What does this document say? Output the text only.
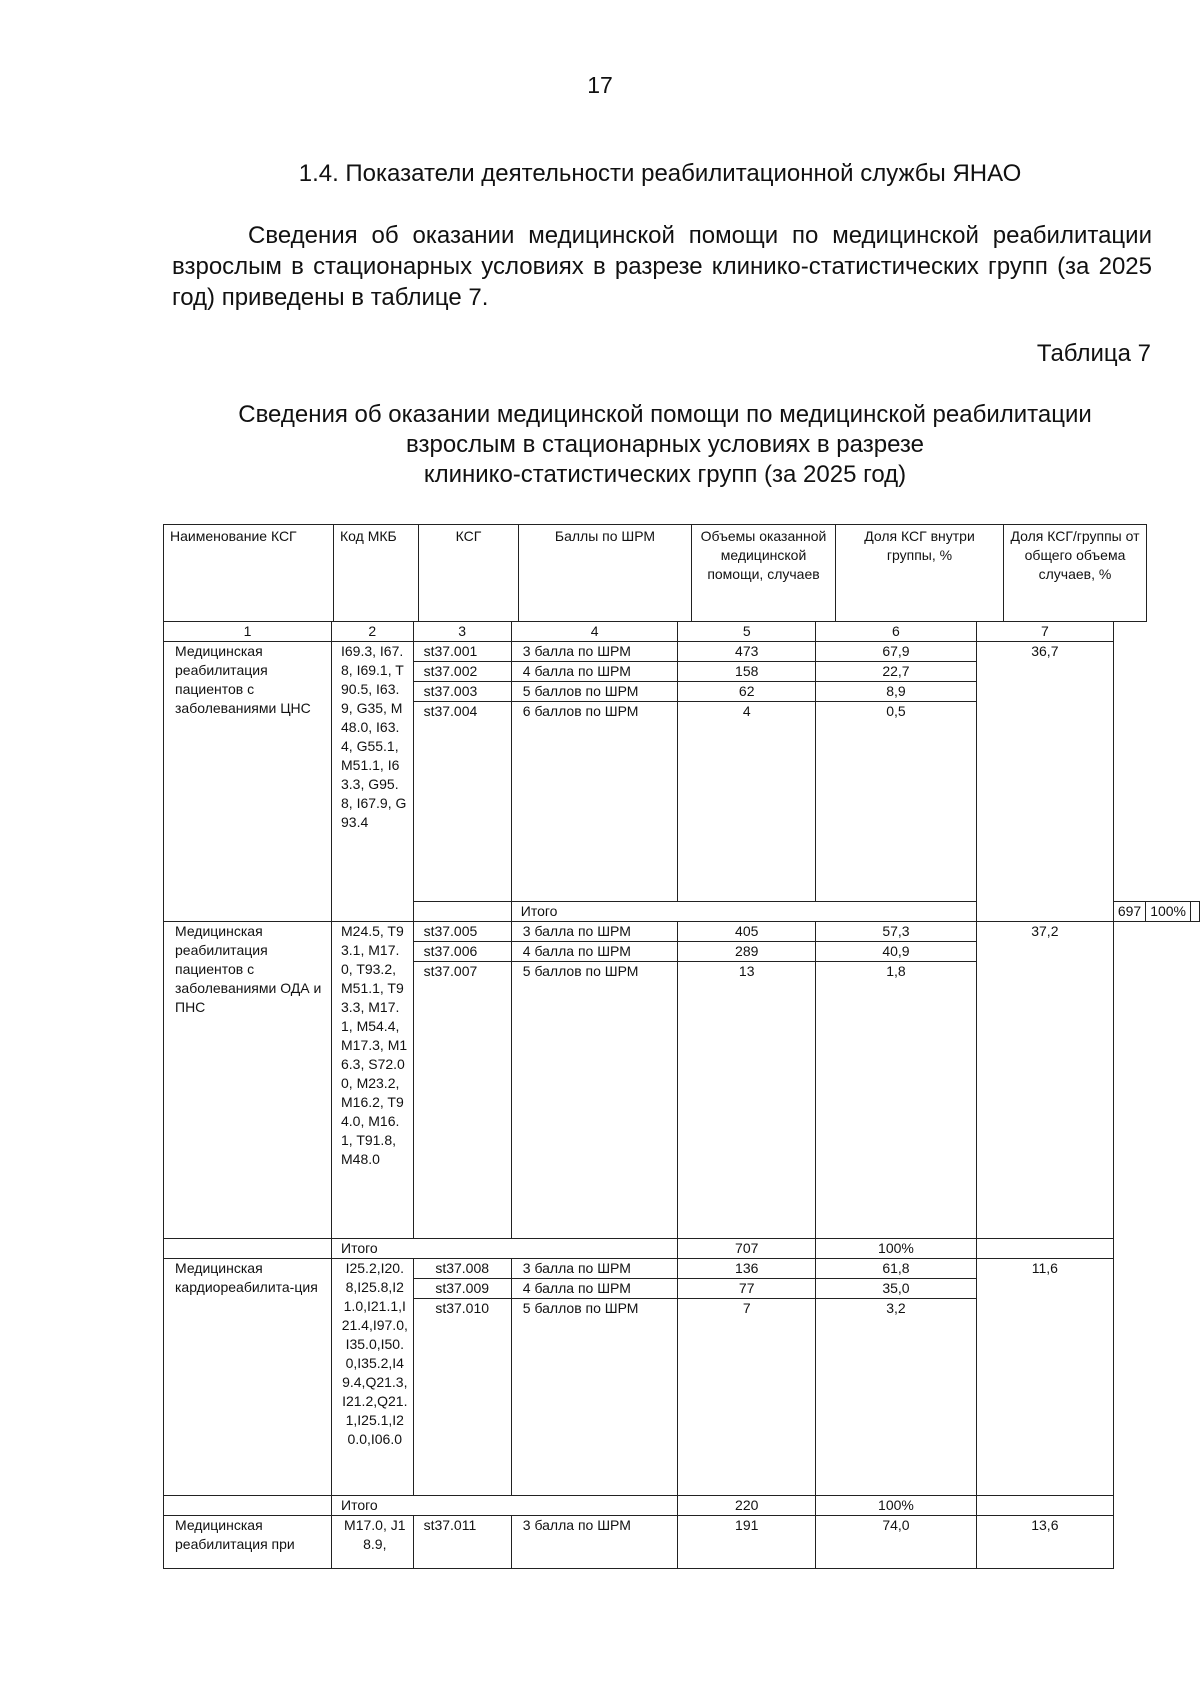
17
1.4. Показатели деятельности реабилитационной службы ЯНАО

Сведения об оказании медицинской помощи по медицинской реабилитации взрослым в стационарных условиях в разрезе клинико-статистических групп (за 2025 год) приведены в таблице 7.

Таблица 7
Сведения об оказании медицинской помощи по медицинской реабилитации
взрослым в стационарных условиях в разрезе
клинико-статистических групп (за 2025 год)
Наименование КСГ	Код МКБ	КСГ	Баллы по ШРМ	Объемы оказанной медицинской помощи, случаев	Доля КСГ внутри группы, %	Доля КСГ/группы от общего объема случаев, %
1	2	3	4	5	6	7			
Медицинская реабилитация пациентов с заболеваниями ЦНС	I69.3, I67.8, I69.1, T90.5, I63.9, G35, M48.0, I63.4, G55.1, M51.1, I63.3, G95.8, I67.9, G93.4	st37.001	3 балла по ШРМ	473	67,9	36,7			
		st37.002	4 балла по ШРМ	158	22,7				
		st37.003	5 баллов по ШРМ	62	8,9				
		st37.004	6 баллов по ШРМ	4	0,5				
			Итого				697	100%	
Медицинская реабилитация пациентов с заболеваниями ОДА и ПНС	M24.5, T93.1, M17.0, T93.2, M51.1, T93.3, M17.1, M54.4, M17.3, M16.3, S72.00, M23.2, M16.2, T94.0, M16.1, T91.8, M48.0	st37.005	3 балла по ШРМ	405	57,3	37,2			
		st37.006	4 балла по ШРМ	289	40,9				
		st37.007	5 баллов по ШРМ	13	1,8				
	Итого			707	100%				
Медицинская кардиореабилита-ция	I25.2,I20.8,I25.8,I21.0,I21.1,I21.4,I97.0,I35.0,I50.0,I35.2,I49.4,Q21.3,I21.2,Q21.1,I25.1,I20.0,I06.0	st37.008	3 балла по ШРМ	136	61,8	11,6			
		st37.009	4 балла по ШРМ	77	35,0				
		st37.010	5 баллов по ШРМ	7	3,2				
	Итого			220	100%				
Медицинская реабилитация при	M17.0, J18.9,	st37.011	3 балла по ШРМ	191	74,0	13,6			
